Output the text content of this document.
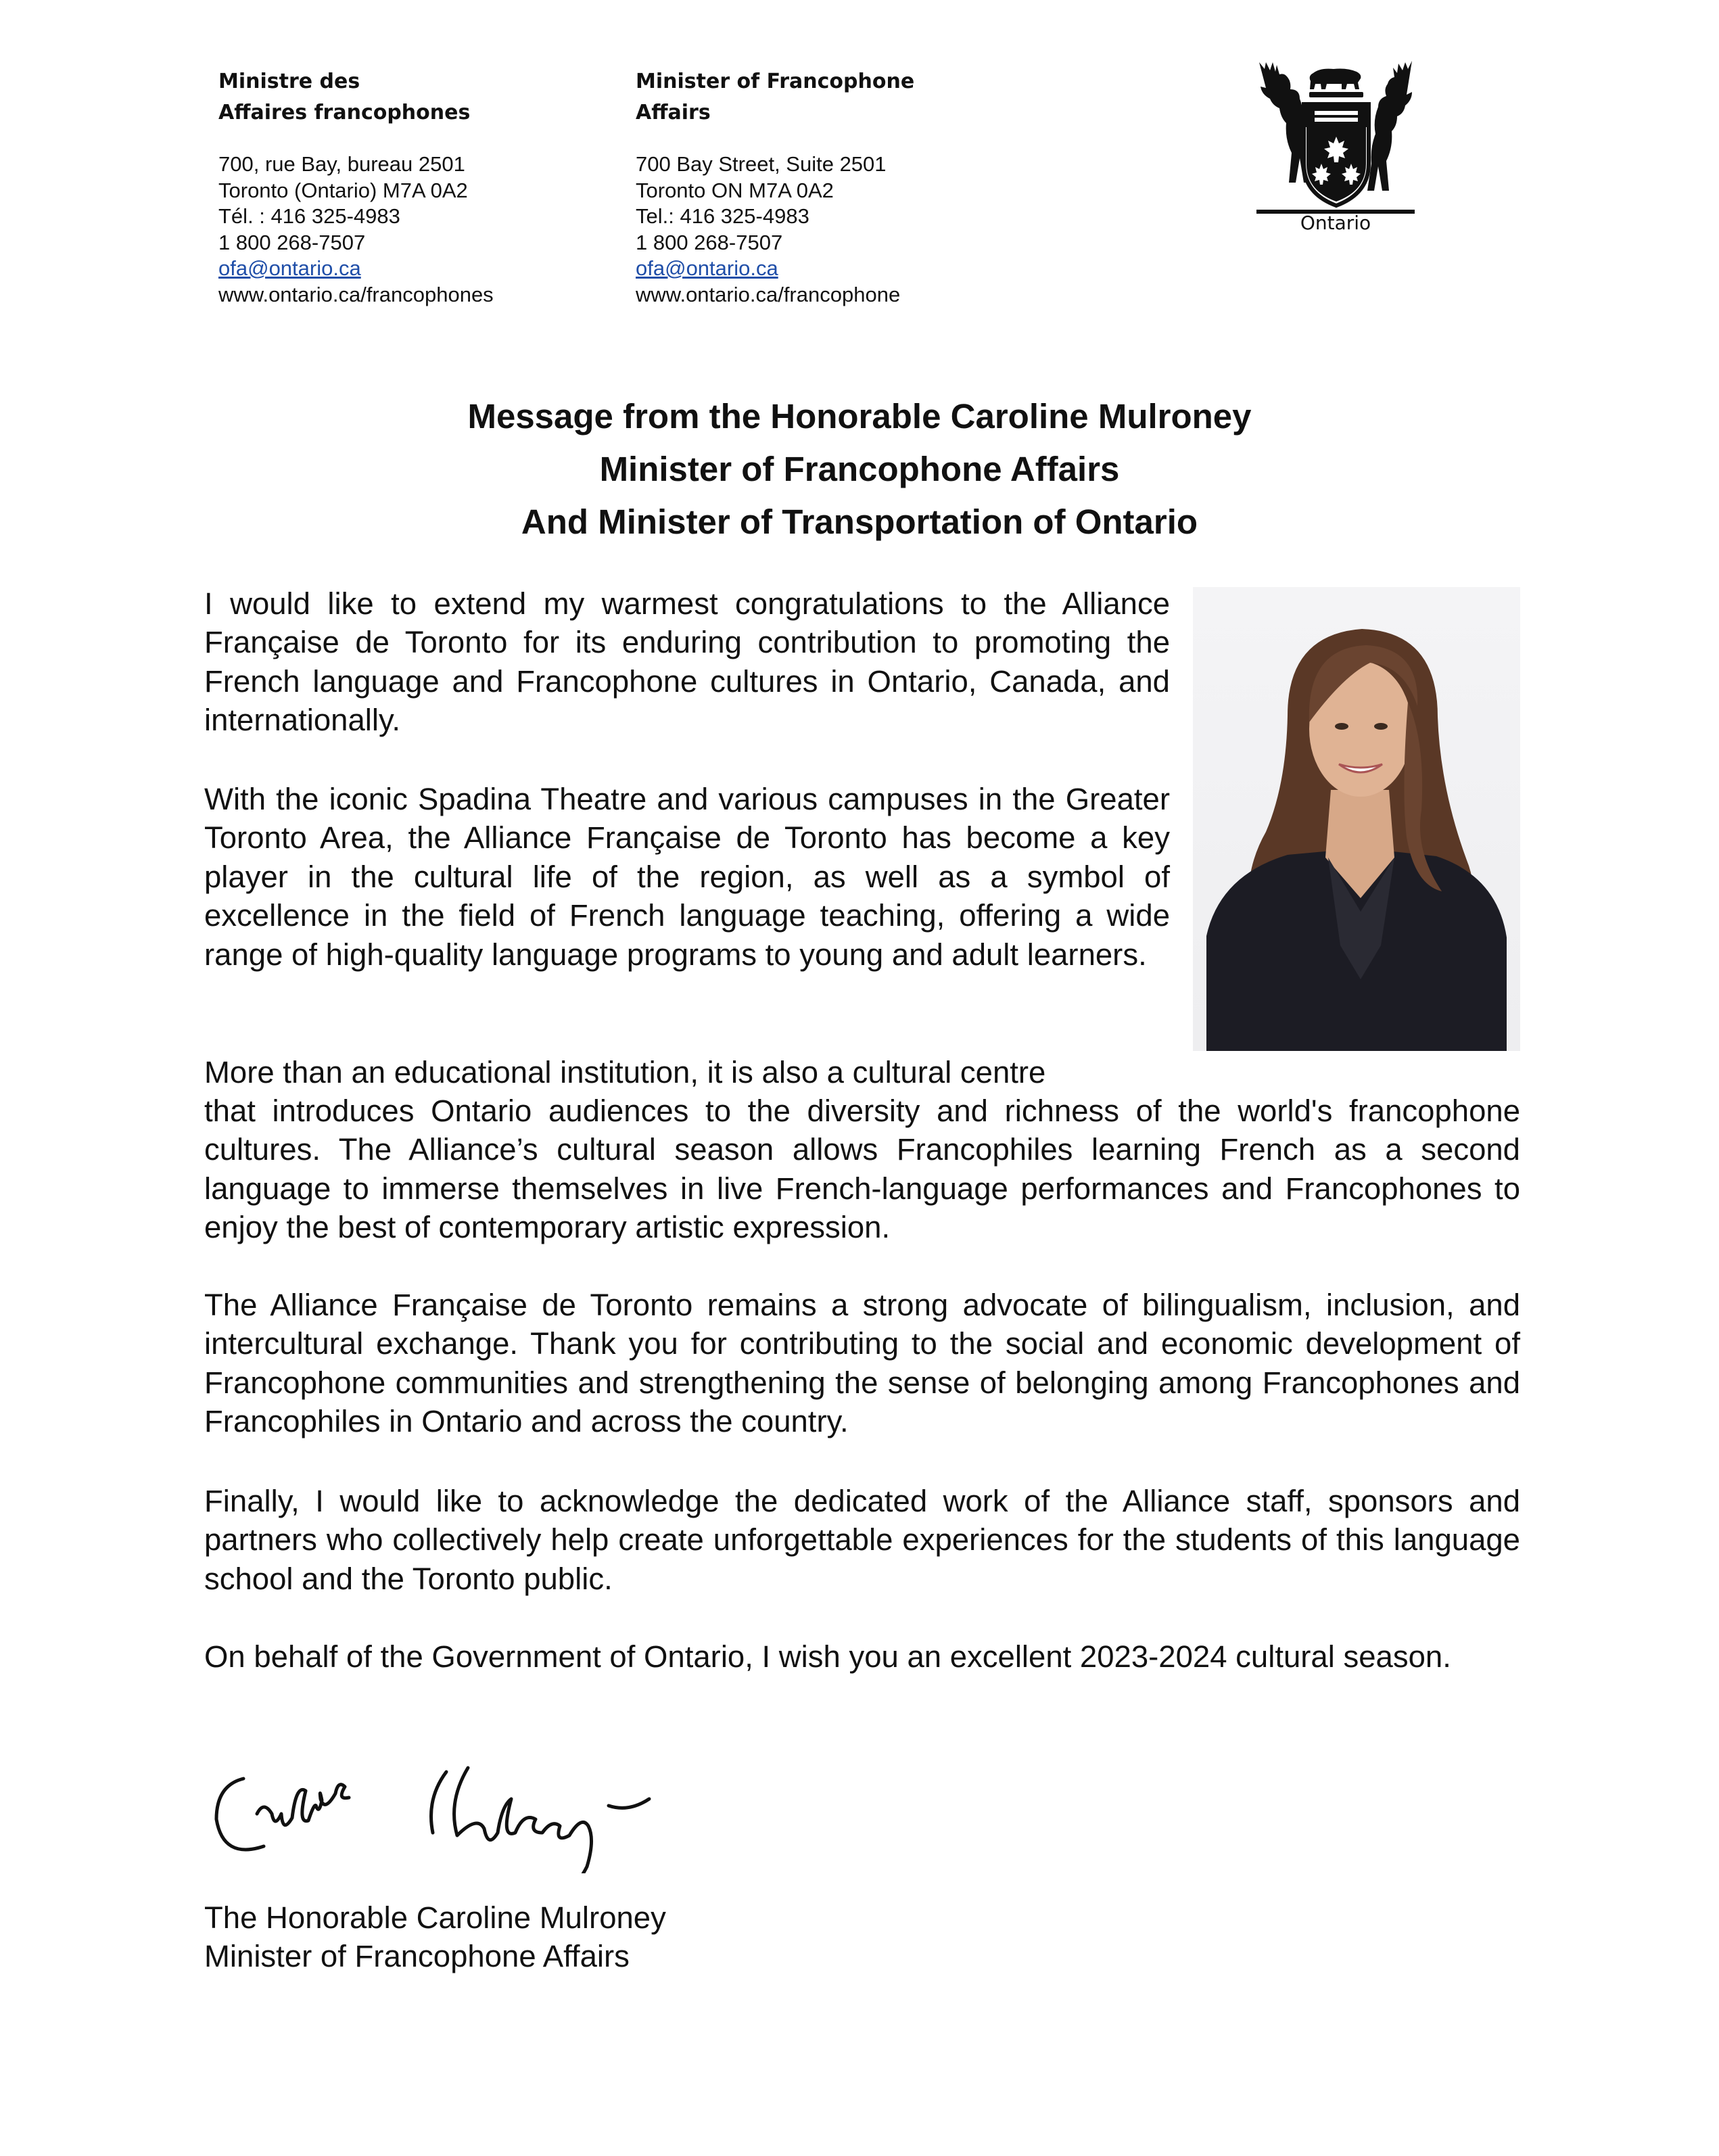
Ministre des
Affaires francophones
700, rue Bay, bureau 2501
Toronto (Ontario) M7A 0A2
Tél. : 416 325-4983
1 800 268-7507
ofa@ontario.ca
www.ontario.ca/francophones
Minister of Francophone
Affairs
700 Bay Street, Suite 2501
Toronto ON M7A 0A2
Tel.: 416 325-4983
1 800 268-7507
ofa@ontario.ca
www.ontario.ca/francophone
Ontario
Message from the Honorable Caroline Mulroney
Minister of Francophone Affairs
And Minister of Transportation of Ontario

I would like to extend my warmest congratulations to the Alliance Française de Toronto for its enduring contribution to promoting the French language and Francophone cultures in Ontario, Canada, and internationally.

With the iconic Spadina Theatre and various campuses in the Greater Toronto Area, the Alliance Française de Toronto has become a key player in the cultural life of the region, as well as a symbol of excellence in the field of French language teaching, offering a wide range of high-quality language programs to young and adult learners.

More than an educational institution, it is also a cultural centre

that introduces Ontario audiences to the diversity and richness of the world's francophone cultures. The Alliance’s cultural season allows Francophiles learning French as a second language to immerse themselves in live French-language performances and Francophones to enjoy the best of contemporary artistic expression.

The Alliance Française de Toronto remains a strong advocate of bilingualism, inclusion, and intercultural exchange. Thank you for contributing to the social and economic development of Francophone communities and strengthening the sense of belonging among Francophones and Francophiles in Ontario and across the country.

Finally, I would like to acknowledge the dedicated work of the Alliance staff, sponsors and partners who collectively help create unforgettable experiences for the students of this language school and the Toronto public.

On behalf of the Government of Ontario, I wish you an excellent 2023-2024 cultural season.

The Honorable Caroline Mulroney
Minister of Francophone Affairs
